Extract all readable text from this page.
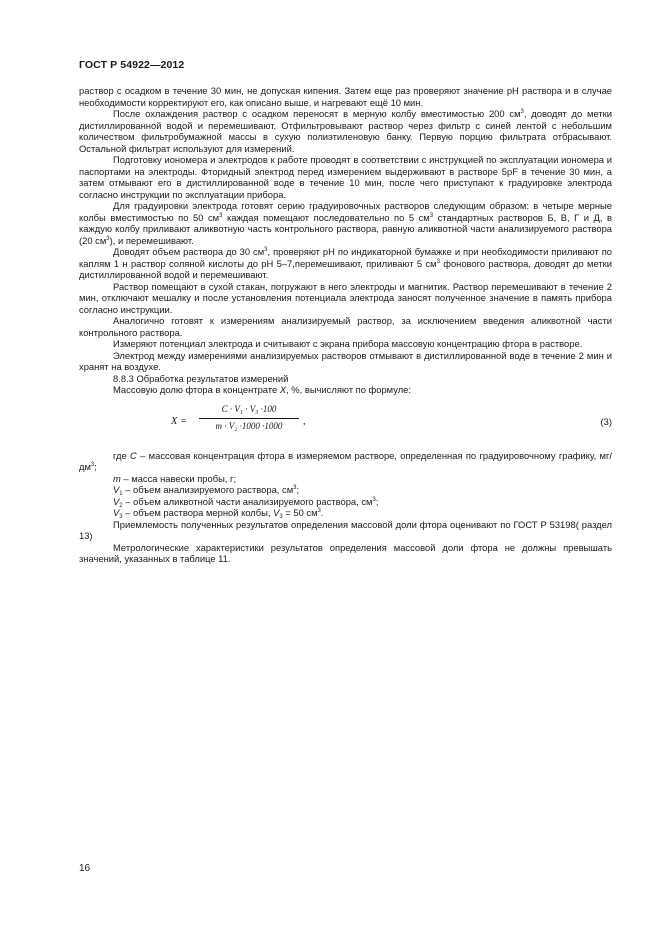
ГОСТ Р 54922—2012

раствор с осадком в течение 30 мин, не допуская кипения. Затем еще раз проверяют значение рН раствора и в случае необходимости корректируют его, как описано выше, и нагревают ещё 10 мин.

После охлаждения раствор с осадком переносят в мерную колбу вместимостью 200 $см^3$, доводят до метки дистиллированной водой и перемешивают. Отфильтровывают раствор через фильтр с синей лентой с небольшим количеством фильтробумажной массы в сухую полиэтиленовую банку. Первую порцию фильтрата отбрасывают. Остальной фильтрат используют для измерений.

Подготовку иономера и электродов к работе проводят в соответствии с инструкцией по эксплуатации иономера и паспортами на электроды. Фторидный электрод перед измерением выдерживают в растворе 5рF в течение 30 мин, а затем отмывают его в дистиллированной воде в течение 10 мин, после чего приступают к градуировке электрода согласно инструкции по эксплуатации прибора.

Для градуировки электрода готовят серию градуировочных растворов следующим образом: в четыре мерные колбы вместимостью по 50 $см^3$ каждая помещают последовательно по 5 $см^3$ стандартных растворов Б, В, Г и Д, в каждую колбу приливают аликвотную часть контрольного раствора, равную аликвотной части анализируемого раствора (20 $см^3$), и перемешивают.

Доводят объем раствора до 30 $см^3$, проверяют рН по индикаторной бумажке и при необходимости приливают по каплям 1 н раствор соляной кислоты до рН 5–7,перемешивают, приливают 5 $см^3$ фонового раствора, доводят до метки дистиллированной водой и перемешивают.

Раствор помещают в сухой стакан, погружают в него электроды и магнитик. Раствор перемешивают в течение 2 мин, отключают мешалку и после установления потенциала электрода заносят полученное значение в память прибора согласно инструкции.

Аналогично готовят к измерениям анализируемый раствор, за исключением введения аликвотной части контрольного раствора.

Измеряют потенциал электрода и считывают с экрана прибора массовую концентрацию фтора в растворе.

Электрод между измерениями анализируемых растворов отмывают в дистиллированной воде в течение 2 мин и хранят на воздухе.

8.8.3 Обработка результатов измерений

Массовую долю фтора в концентрате X, %, вычисляют по формуле:

X =
C · V₁ · V₃ ·100
m · V₂ ·1000 ·1000	,	(3)

где C – массовая концентрация фтора в измеряемом растворе, определенная по градуировочному графику, $мг/дм^3$;

m – масса навески пробы, г;

$V_1$ – объем анализируемого раствора, $см^3$;

$V_2$ – объем аликвотной части анализируемого раствора, $см^3$;

$V_3$ – объем раствора мерной колбы, $V_3 = 50$ $см^3$.

Приемлемость полученных результатов определения массовой доли фтора оценивают по ГОСТ Р 53198( раздел 13)

Метрологические характеристики результатов определения массовой доли фтора не должны превышать значений, указанных в таблице 11.

16
